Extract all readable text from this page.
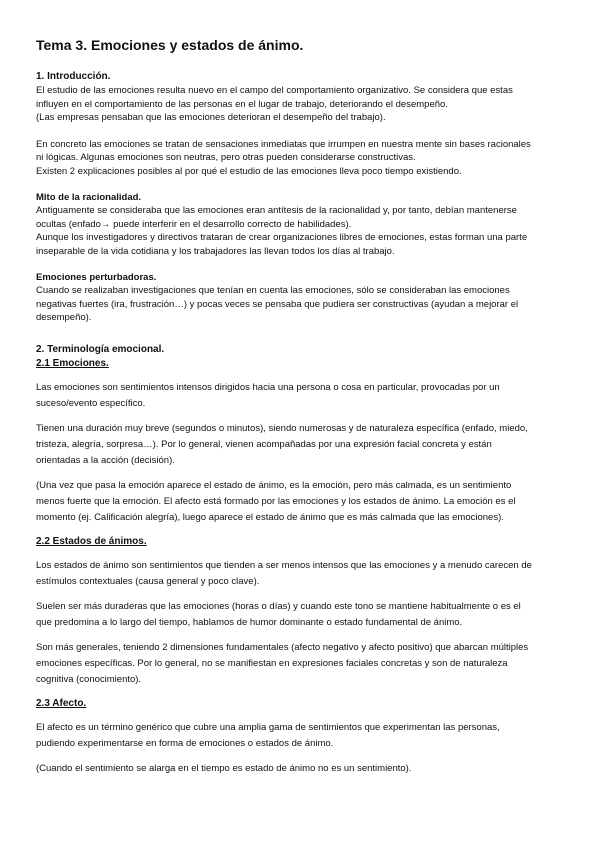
Tema 3. Emociones y estados de ánimo.
1. Introducción.
El estudio de las emociones resulta nuevo en el campo del comportamiento organizativo. Se considera que estas
influyen en el comportamiento de las personas en el lugar de trabajo, deteriorando el desempeño.
(Las empresas pensaban que las emociones deterioran el desempeño del trabajo).
En concreto las emociones se tratan de sensaciones inmediatas que irrumpen en nuestra mente sin bases racionales
ni lógicas. Algunas emociones son neutras, pero otras pueden considerarse constructivas.
Existen 2 explicaciones posibles al por qué el estudio de las emociones lleva poco tiempo existiendo.
Mito de la racionalidad.
Antiguamente se consideraba que las emociones eran antítesis de la racionalidad y, por tanto, debían mantenerse
ocultas (enfado→ puede interferir en el desarrollo correcto de habilidades).
Aunque los investigadores y directivos trataran de crear organizaciones libres de emociones, estas forman una parte
inseparable de la vida cotidiana y los trabajadores las llevan todos los días al trabajo.
Emociones perturbadoras.
Cuando se realizaban investigaciones que tenían en cuenta las emociones, sólo se consideraban las emociones
negativas fuertes (ira, frustración…) y pocas veces se pensaba que pudiera ser constructivas (ayudan a mejorar el
desempeño).
2. Terminología emocional.
2.1 Emociones.
Las emociones son sentimientos intensos dirigidos hacia una persona o cosa en particular, provocadas por un
suceso/evento específico.
Tienen una duración muy breve (segundos o minutos), siendo numerosas y de naturaleza específica (enfado, miedo,
tristeza, alegría, sorpresa…). Por lo general, vienen acompañadas por una expresión facial concreta y están
orientadas a la acción (decisión).
(Una vez que pasa la emoción aparece el estado de ánimo, es la emoción, pero más calmada, es un sentimiento
menos fuerte que la emoción. El afecto está formado por las emociones y los estados de ánimo. La emoción es el
momento (ej. Calificación alegría), luego aparece el estado de ánimo que es más calmada que las emociones).
2.2 Estados de ánimos.
Los estados de ánimo son sentimientos que tienden a ser menos intensos que las emociones y a menudo carecen de
estímulos contextuales (causa general y poco clave).
Suelen ser más duraderas que las emociones (horas o días) y cuando este tono se mantiene habitualmente o es el
que predomina a lo largo del tiempo, hablamos de humor dominante o estado fundamental de ánimo.
Son más generales, teniendo 2 dimensiones fundamentales (afecto negativo y afecto positivo) que abarcan múltiples
emociones específicas. Por lo general, no se manifiestan en expresiones faciales concretas y son de naturaleza
cognitiva (conocimiento).
2.3 Afecto.
El afecto es un término genérico que cubre una amplia gama de sentimientos que experimentan las personas,
pudiendo experimentarse en forma de emociones o estados de ánimo.
(Cuando el sentimiento se alarga en el tiempo es estado de ánimo no es un sentimiento).
